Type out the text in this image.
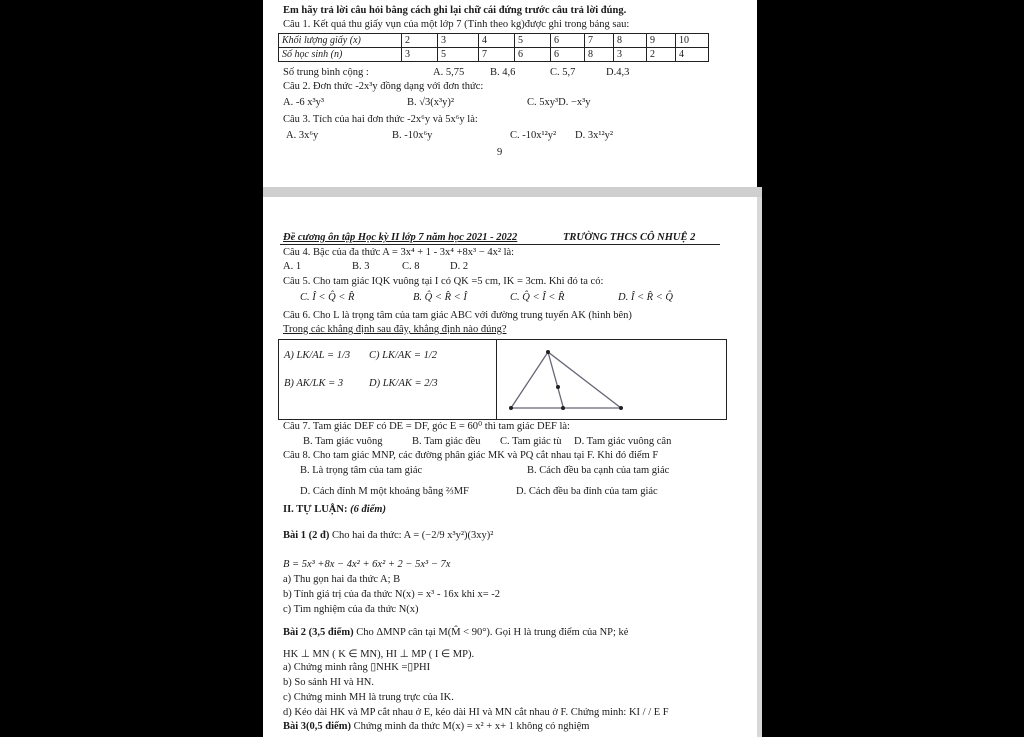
Em hãy trả lời câu hỏi bằng cách ghi lại chữ cái đứng trước câu trả lời đúng.
Câu 1. Kết quả thu giấy vụn của một lớp 7 (Tính theo kg)được ghi trong bảng sau:
Khối lượng giấy (x)	2	3	4	5	6	7	8	9	10
Số học sinh (n)	3	5	7	6	6	8	3	2	4
Số trung bình cộng :	A. 5,75 B. 4,6	C. 5,7	D.4,3
Câu 2. Đơn thức -2x³y đồng dạng với đơn thức:
A. -6 x³y³	B. √3(x³y)²	C. 5xy³D. −x³y
Câu 3. Tích của hai đơn thức -2x⁶y và 5x⁶y là:
A. 3x⁶y	B. -10x⁶y	C. -10x¹²y² D. 3x¹²y²
9
Đề cương ôn tập Học kỳ II lớp 7 năm học 2021 - 2022	TRƯỜNG THCS CÔ NHUỆ 2
Câu 4. Bậc của đa thức A = 3x⁴ + 1 - 3x⁴ +8x³ − 4x² là:
A. 1	B. 3	C. 8	D. 2
Câu 5. Cho tam giác IQK vuông tại I có QK =5 cm, IK = 3cm. Khi đó ta có:
C. Î < Q̂ < R̂	B. Q̂ < R̂ < Î	C. Q̂ < Î < R̂	D. Î < R̂ < Q̂
Câu 6. Cho L là trọng tâm của tam giác ABC với đường trung tuyến AK (hình bên)
Trong các khẳng định sau đây, khẳng định nào đúng?
A) LK/AL = 1/3 C) LK/AK = 1/2
B) AK/LK = 3 D) LK/AK = 2/3
Câu 7. Tam giác DEF có DE = DF, góc E = 60⁰ thì tam giác DEF là:
B. Tam giác vuông	B. Tam giác đều C. Tam giác tù D. Tam giác vuông cân
Câu 8. Cho tam giác MNP, các đường phân giác MK và PQ cắt nhau tại F. Khi đó điểm F
B. Là trọng tâm của tam giác	B. Cách đều ba cạnh của tam giác
D. Cách đỉnh M một khoảng bằng ⅔MF	D. Cách đều ba đỉnh của tam giác
II. TỰ LUẬN: (6 điểm)
Bài 1 (2 đ) Cho hai đa thức: A = (−2/9 x³y²)(3xy)²
B = 5x³ +8x − 4x² + 6x² + 2 − 5x³ − 7x
a) Thu gọn hai đa thức A; B
b) Tính giá trị của đa thức N(x) = x³ - 16x khi x= -2
c) Tìm nghiệm của đa thức N(x)
Bài 2 (3,5 điểm) Cho ΔMNP cân tại M(M̂ < 90°). Gọi H là trung điểm của NP; kẻ
HK ⊥ MN ( K ∈ MN), HI ⊥ MP ( I ∈ MP).
a) Chứng minh rằng ▯NHK =▯PHI
b) So sánh HI và HN.
c) Chứng minh MH là trung trực của IK.
d) Kéo dài HK và MP cắt nhau ở E, kéo dài HI và MN cắt nhau ở F. Chứng minh: KI / / E F
Bài 3(0,5 điểm) Chứng minh đa thức M(x) = x² + x+ 1 không có nghiệm
